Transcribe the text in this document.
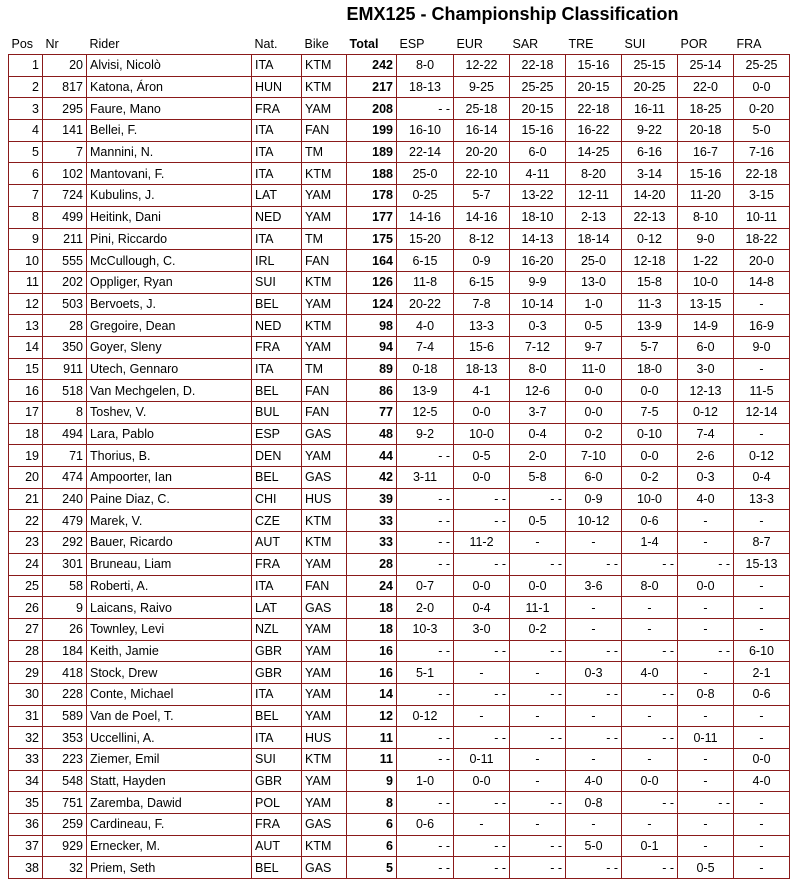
EMX125 - Championship Classification
Pos	Nr	Rider	Nat.	Bike	Total	ESP	EUR	SAR	TRE	SUI	POR	FRA
1	20	Alvisi, Nicolò	ITA	KTM	242	8-0	12-22	22-18	15-16	25-15	25-14	25-25
2	817	Katona, Áron	HUN	KTM	217	18-13	9-25	25-25	20-15	20-25	22-0	0-0
3	295	Faure, Mano	FRA	YAM	208	- -	25-18	20-15	22-18	16-11	18-25	0-20
4	141	Bellei, F.	ITA	FAN	199	16-10	16-14	15-16	16-22	9-22	20-18	5-0
5	7	Mannini, N.	ITA	TM	189	22-14	20-20	6-0	14-25	6-16	16-7	7-16
6	102	Mantovani, F.	ITA	KTM	188	25-0	22-10	4-11	8-20	3-14	15-16	22-18
7	724	Kubulins, J.	LAT	YAM	178	0-25	5-7	13-22	12-11	14-20	11-20	3-15
8	499	Heitink, Dani	NED	YAM	177	14-16	14-16	18-10	2-13	22-13	8-10	10-11
9	211	Pini, Riccardo	ITA	TM	175	15-20	8-12	14-13	18-14	0-12	9-0	18-22
10	555	McCullough, C.	IRL	FAN	164	6-15	0-9	16-20	25-0	12-18	1-22	20-0
11	202	Oppliger, Ryan	SUI	KTM	126	11-8	6-15	9-9	13-0	15-8	10-0	14-8
12	503	Bervoets, J.	BEL	YAM	124	20-22	7-8	10-14	1-0	11-3	13-15	-
13	28	Gregoire, Dean	NED	KTM	98	4-0	13-3	0-3	0-5	13-9	14-9	16-9
14	350	Goyer, Sleny	FRA	YAM	94	7-4	15-6	7-12	9-7	5-7	6-0	9-0
15	911	Utech, Gennaro	ITA	TM	89	0-18	18-13	8-0	11-0	18-0	3-0	-
16	518	Van Mechgelen, D.	BEL	FAN	86	13-9	4-1	12-6	0-0	0-0	12-13	11-5
17	8	Toshev, V.	BUL	FAN	77	12-5	0-0	3-7	0-0	7-5	0-12	12-14
18	494	Lara, Pablo	ESP	GAS	48	9-2	10-0	0-4	0-2	0-10	7-4	-
19	71	Thorius, B.	DEN	YAM	44	- -	0-5	2-0	7-10	0-0	2-6	0-12
20	474	Ampoorter, Ian	BEL	GAS	42	3-11	0-0	5-8	6-0	0-2	0-3	0-4
21	240	Paine Diaz, C.	CHI	HUS	39	- -	- -	- -	0-9	10-0	4-0	13-3
22	479	Marek, V.	CZE	KTM	33	- -	- -	0-5	10-12	0-6	-	-
23	292	Bauer, Ricardo	AUT	KTM	33	- -	11-2	-	-	1-4	-	8-7
24	301	Bruneau, Liam	FRA	YAM	28	- -	- -	- -	- -	- -	- -	15-13
25	58	Roberti, A.	ITA	FAN	24	0-7	0-0	0-0	3-6	8-0	0-0	-
26	9	Laicans, Raivo	LAT	GAS	18	2-0	0-4	11-1	-	-	-	-
27	26	Townley, Levi	NZL	YAM	18	10-3	3-0	0-2	-	-	-	-
28	184	Keith, Jamie	GBR	YAM	16	- -	- -	- -	- -	- -	- -	6-10
29	418	Stock, Drew	GBR	YAM	16	5-1	-	-	0-3	4-0	-	2-1
30	228	Conte, Michael	ITA	YAM	14	- -	- -	- -	- -	- -	0-8	0-6
31	589	Van de Poel, T.	BEL	YAM	12	0-12	-	-	-	-	-	-
32	353	Uccellini, A.	ITA	HUS	11	- -	- -	- -	- -	- -	0-11	-
33	223	Ziemer, Emil	SUI	KTM	11	- -	0-11	-	-	-	-	0-0
34	548	Statt, Hayden	GBR	YAM	9	1-0	0-0	-	4-0	0-0	-	4-0
35	751	Zaremba, Dawid	POL	YAM	8	- -	- -	- -	0-8	- -	- -	-
36	259	Cardineau, F.	FRA	GAS	6	0-6	-	-	-	-	-	-
37	929	Ernecker, M.	AUT	KTM	6	- -	- -	- -	5-0	0-1	-	-
38	32	Priem, Seth	BEL	GAS	5	- -	- -	- -	- -	- -	0-5	-
